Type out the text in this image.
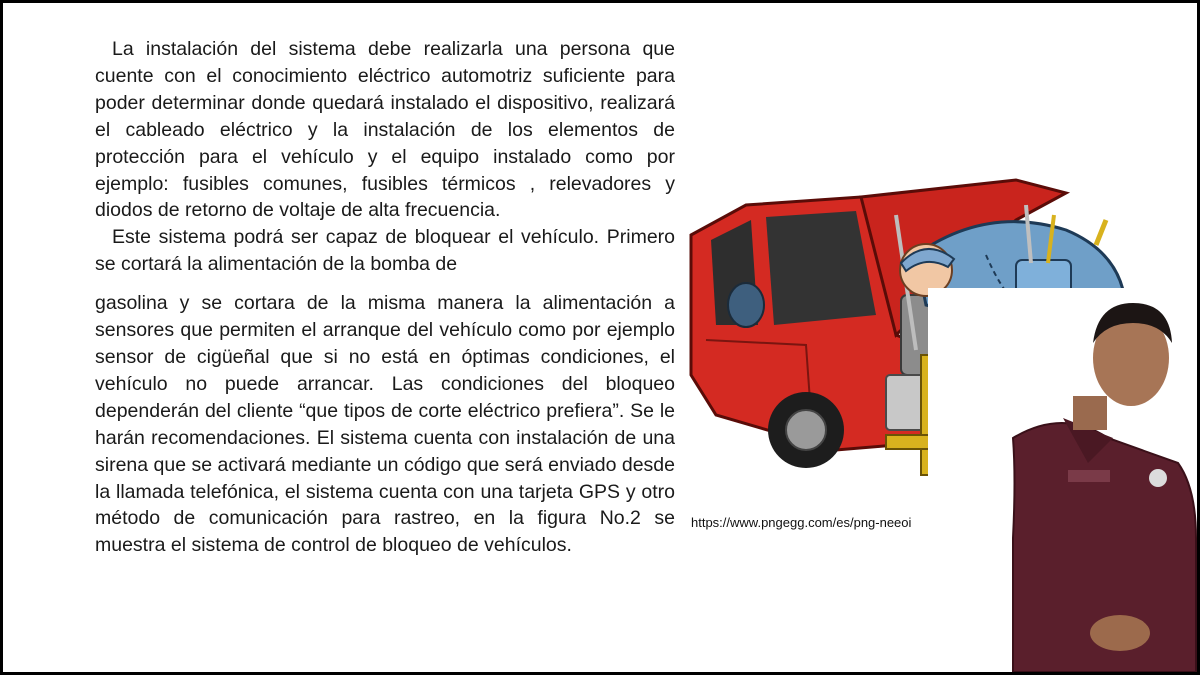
La instalación del sistema debe realizarla una persona que cuente con el conocimiento eléctrico automotriz suficiente para poder determinar donde quedará instalado el dispositivo, realizará el cableado eléctrico y la instalación de los elementos de protección para el vehículo y el equipo instalado como por ejemplo: fusibles comunes, fusibles térmicos , relevadores y diodos de retorno de voltaje de alta frecuencia.

Este sistema podrá ser capaz de bloquear el vehículo. Primero se cortará la alimentación de la bomba de

gasolina y se cortara de la misma manera la alimentación a sensores que permiten el arranque del vehículo como por ejemplo sensor de cigüeñal que si no está en óptimas condiciones, el vehículo no puede arrancar. Las condiciones del bloqueo dependerán del cliente “que tipos de corte eléctrico prefiera”. Se le harán recomendaciones. El sistema cuenta con instalación de una sirena que se activará mediante un código que será enviado desde la llamada telefónica, el sistema cuenta con una tarjeta GPS y otro método de comunicación para rastreo, en la figura No.2 se muestra el sistema de control de bloqueo de vehículos.

https://www.pngegg.com/es/png-neeoi
